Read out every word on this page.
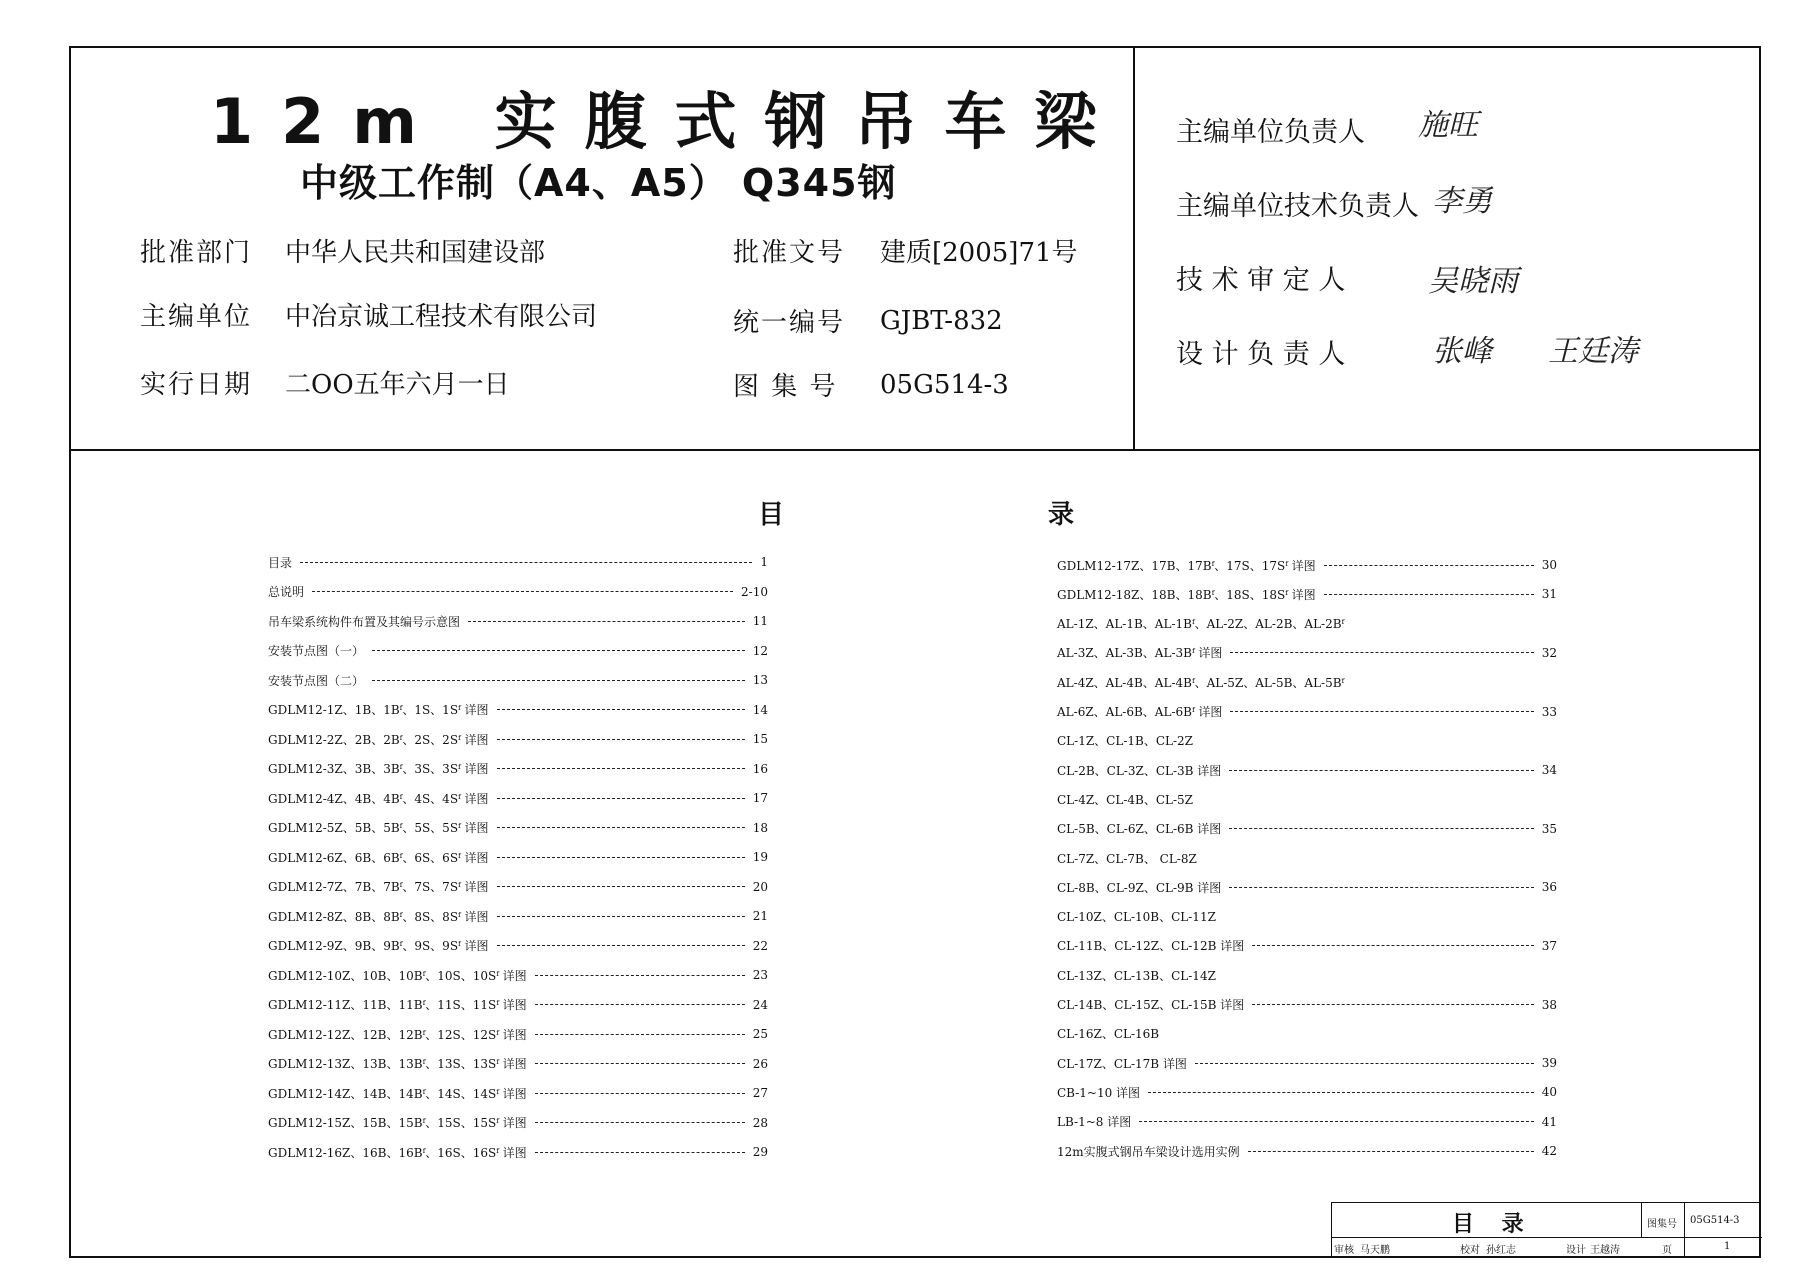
12m 实腹式钢吊车梁
中级工作制（A4、A5） Q345钢
批准部门 中华人民共和国建设部
主编单位 中冶京诚工程技术有限公司
实行日期 二OO五年六月一日
批准文号 建质[2005]71号
统一编号 GJBT-832
图 集 号 05G514-3
主编单位负责人 施旺
主编单位技术负责人 李勇
技 术 审 定 人	吴晓雨
设 计 负 责 人	张峰 王廷涛
目	录
目录	1
总说明	2-10
吊车梁系统构件布置及其编号示意图	11
安装节点图（一）	12
安装节点图（二）	13
GDLM12-1Z、1B、1Bᶠ、1S、1Sᶠ 详图	14
GDLM12-2Z、2B、2Bᶠ、2S、2Sᶠ 详图	15
GDLM12-3Z、3B、3Bᶠ、3S、3Sᶠ 详图	16
GDLM12-4Z、4B、4Bᶠ、4S、4Sᶠ 详图	17
GDLM12-5Z、5B、5Bᶠ、5S、5Sᶠ 详图	18
GDLM12-6Z、6B、6Bᶠ、6S、6Sᶠ 详图	19
GDLM12-7Z、7B、7Bᶠ、7S、7Sᶠ 详图	20
GDLM12-8Z、8B、8Bᶠ、8S、8Sᶠ 详图	21
GDLM12-9Z、9B、9Bᶠ、9S、9Sᶠ 详图	22
GDLM12-10Z、10B、10Bᶠ、10S、10Sᶠ 详图	23
GDLM12-11Z、11B、11Bᶠ、11S、11Sᶠ 详图	24
GDLM12-12Z、12B、12Bᶠ、12S、12Sᶠ 详图	25
GDLM12-13Z、13B、13Bᶠ、13S、13Sᶠ 详图	26
GDLM12-14Z、14B、14Bᶠ、14S、14Sᶠ 详图	27
GDLM12-15Z、15B、15Bᶠ、15S、15Sᶠ 详图	28
GDLM12-16Z、16B、16Bᶠ、16S、16Sᶠ 详图	29
GDLM12-17Z、17B、17Bᶠ、17S、17Sᶠ 详图	30
GDLM12-18Z、18B、18Bᶠ、18S、18Sᶠ 详图	31
AL-1Z、AL-1B、AL-1Bᶠ、AL-2Z、AL-2B、AL-2Bᶠ
AL-3Z、AL-3B、AL-3Bᶠ 详图	32
AL-4Z、AL-4B、AL-4Bᶠ、AL-5Z、AL-5B、AL-5Bᶠ
AL-6Z、AL-6B、AL-6Bᶠ 详图	33
CL-1Z、CL-1B、CL-2Z
CL-2B、CL-3Z、CL-3B 详图	34
CL-4Z、CL-4B、CL-5Z
CL-5B、CL-6Z、CL-6B 详图	35
CL-7Z、CL-7B、 CL-8Z
CL-8B、CL-9Z、CL-9B 详图	36
CL-10Z、CL-10B、CL-11Z
CL-11B、CL-12Z、CL-12B 详图	37
CL-13Z、CL-13B、CL-14Z
CL-14B、CL-15Z、CL-15B 详图	38
CL-16Z、CL-16B
CL-17Z、CL-17B 详图	39
CB-1~10 详图	40
LB-1~8 详图	41
12m实腹式钢吊车梁设计选用实例	42
目 录	图集号 05G514-3
审核 马天鹏	校对 孙红志	设计 王越涛	页	1
